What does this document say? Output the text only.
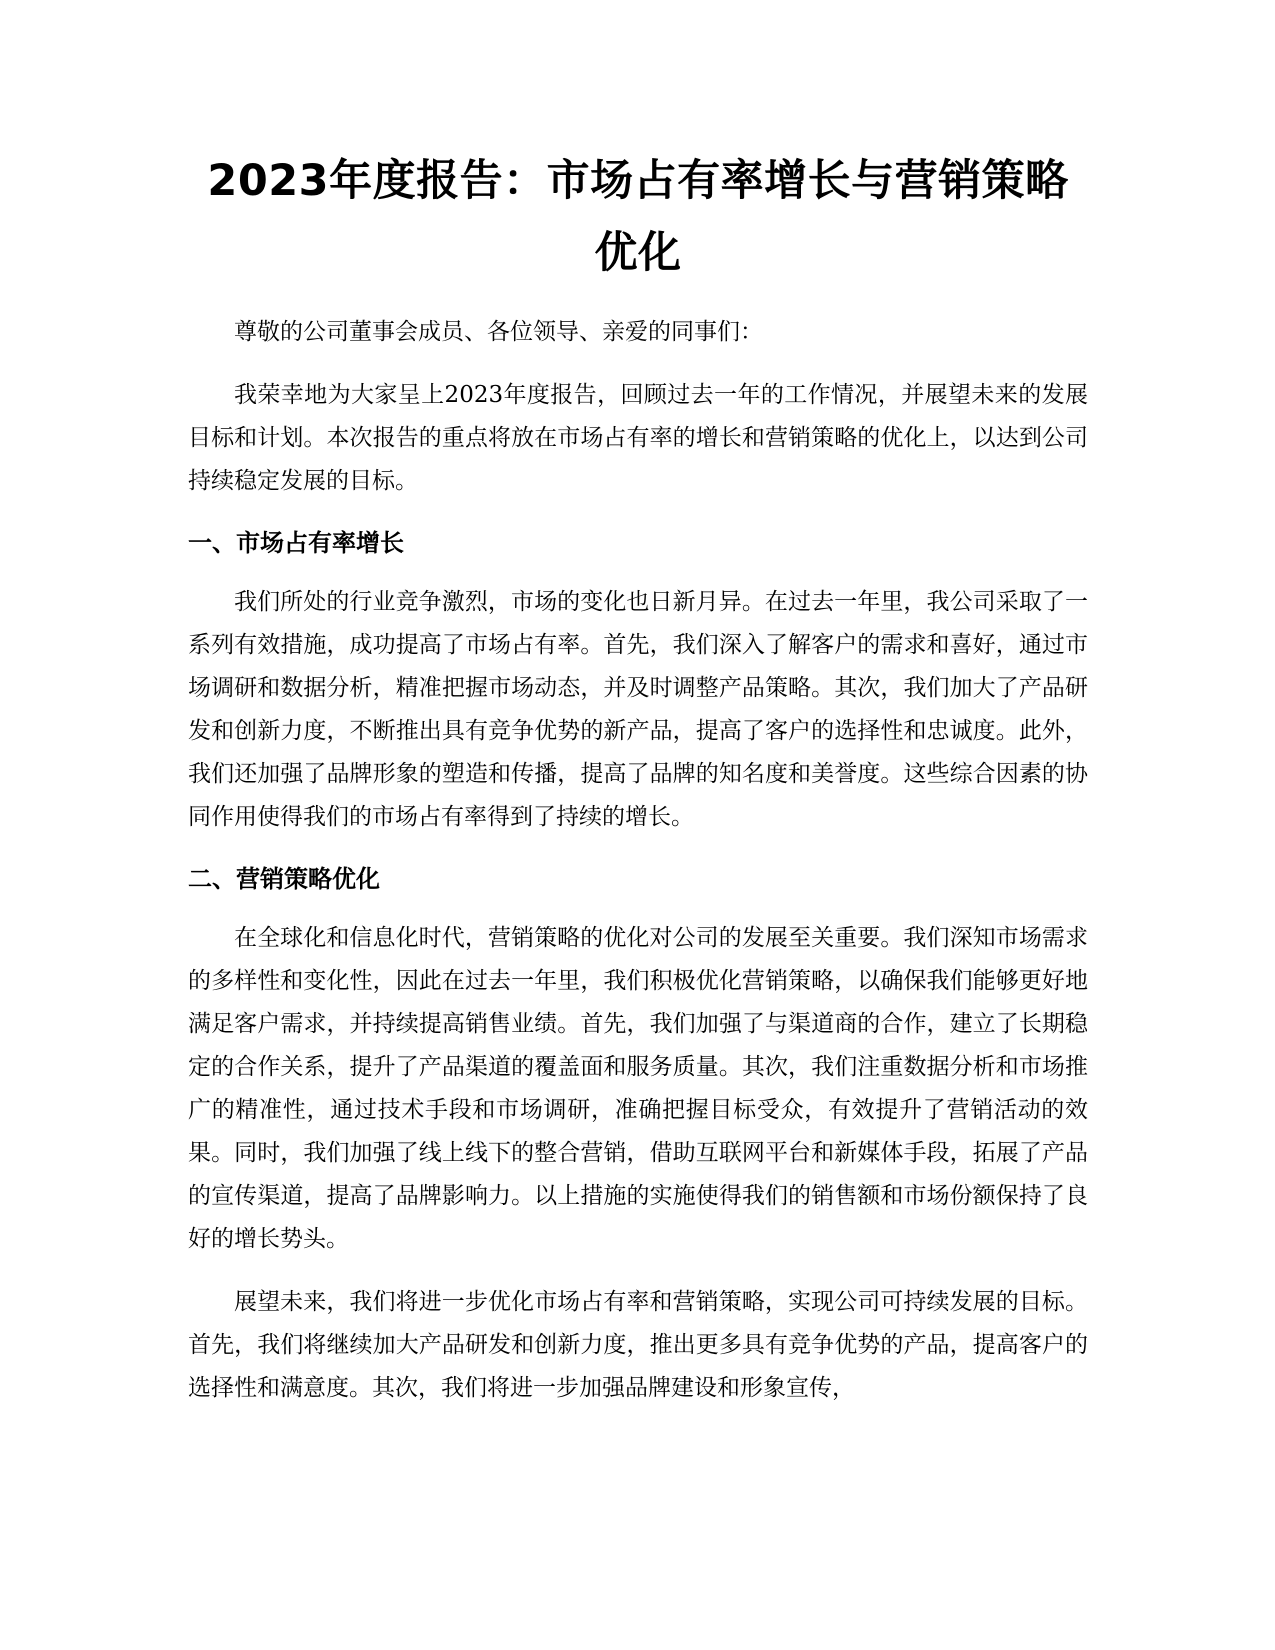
2023年度报告：市场占有率增长与营销策略优化

尊敬的公司董事会成员、各位领导、亲爱的同事们：

我荣幸地为大家呈上2023年度报告，回顾过去一年的工作情况，并展望未来的发展目标和计划。本次报告的重点将放在市场占有率的增长和营销策略的优化上，以达到公司持续稳定发展的目标。

一、市场占有率增长

我们所处的行业竞争激烈，市场的变化也日新月异。在过去一年里，我公司采取了一系列有效措施，成功提高了市场占有率。首先，我们深入了解客户的需求和喜好，通过市场调研和数据分析，精准把握市场动态，并及时调整产品策略。其次，我们加大了产品研发和创新力度，不断推出具有竞争优势的新产品，提高了客户的选择性和忠诚度。此外，我们还加强了品牌形象的塑造和传播，提高了品牌的知名度和美誉度。这些综合因素的协同作用使得我们的市场占有率得到了持续的增长。

二、营销策略优化

在全球化和信息化时代，营销策略的优化对公司的发展至关重要。我们深知市场需求的多样性和变化性，因此在过去一年里，我们积极优化营销策略，以确保我们能够更好地满足客户需求，并持续提高销售业绩。首先，我们加强了与渠道商的合作，建立了长期稳定的合作关系，提升了产品渠道的覆盖面和服务质量。其次，我们注重数据分析和市场推广的精准性，通过技术手段和市场调研，准确把握目标受众，有效提升了营销活动的效果。同时，我们加强了线上线下的整合营销，借助互联网平台和新媒体手段，拓展了产品的宣传渠道，提高了品牌影响力。以上措施的实施使得我们的销售额和市场份额保持了良好的增长势头。

展望未来，我们将进一步优化市场占有率和营销策略，实现公司可持续发展的目标。首先，我们将继续加大产品研发和创新力度，推出更多具有竞争优势的产品，提高客户的选择性和满意度。其次，我们将进一步加强品牌建设和形象宣传，
